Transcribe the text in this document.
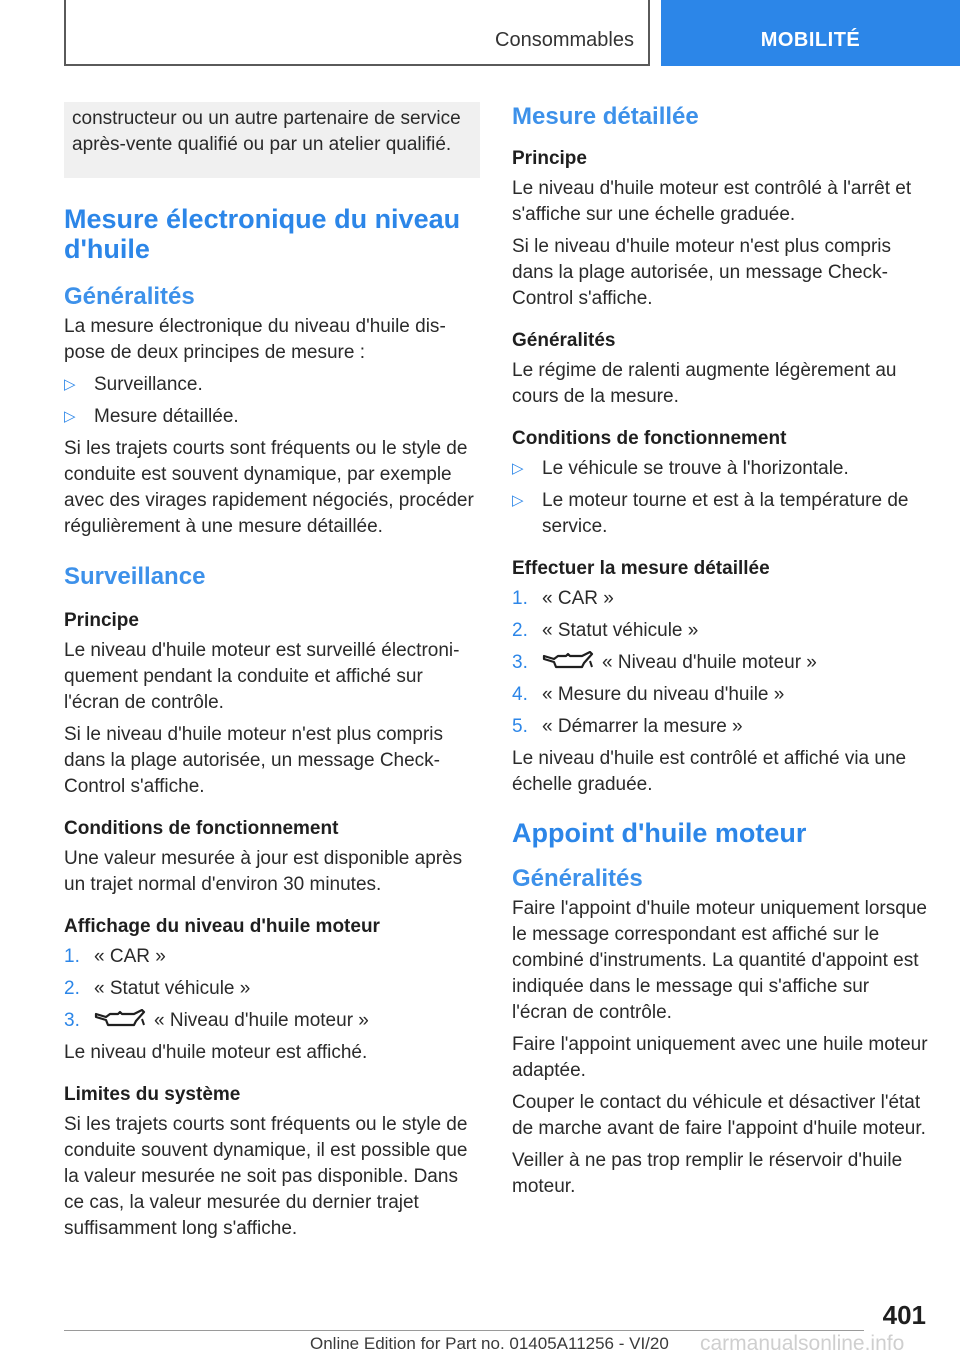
Consommables	MOBILITÉ

constructeur ou un autre partenaire de service après-vente qualifié ou par un atelier qualifié.

Mesure électronique du niveau d'huile
Généralités

La mesure électronique du niveau d'huile dispose de deux principes de mesure :

▷ Surveillance.
▷ Mesure détaillée.

Si les trajets courts sont fréquents ou le style de conduite est souvent dynamique, par exemple avec des virages rapidement négociés, procéder régulièrement à une mesure détaillée.

Surveillance
Principe

Le niveau d'huile moteur est surveillé électroniquement pendant la conduite et affiché sur l'écran de contrôle.

Si le niveau d'huile moteur n'est plus compris dans la plage autorisée, un message Check-Control s'affiche.

Conditions de fonctionnement

Une valeur mesurée à jour est disponible après un trajet normal d'environ 30 minutes.

Affichage du niveau d'huile moteur
1. « CAR »
2. « Statut véhicule »
3.	« Niveau d'huile moteur »

Le niveau d'huile moteur est affiché.

Limites du système

Si les trajets courts sont fréquents ou le style de conduite souvent dynamique, il est possible que la valeur mesurée ne soit pas disponible. Dans ce cas, la valeur mesurée du dernier trajet suffisamment long s'affiche.

Mesure détaillée
Principe

Le niveau d'huile moteur est contrôlé à l'arrêt et s'affiche sur une échelle graduée.

Si le niveau d'huile moteur n'est plus compris dans la plage autorisée, un message Check-Control s'affiche.

Généralités

Le régime de ralenti augmente légèrement au cours de la mesure.

Conditions de fonctionnement
▷ Le véhicule se trouve à l'horizontale.
▷ Le moteur tourne et est à la température de service.
Effectuer la mesure détaillée
1. « CAR »
2. « Statut véhicule »
3.	« Niveau d'huile moteur »
4. « Mesure du niveau d'huile »
5. « Démarrer la mesure »

Le niveau d'huile est contrôlé et affiché via une échelle graduée.

Appoint d'huile moteur
Généralités

Faire l'appoint d'huile moteur uniquement lorsque le message correspondant est affiché sur le combiné d'instruments. La quantité d'appoint est indiquée dans le message qui s'affiche sur l'écran de contrôle.

Faire l'appoint uniquement avec une huile moteur adaptée.

Couper le contact du véhicule et désactiver l'état de marche avant de faire l'appoint d'huile moteur.

Veiller à ne pas trop remplir le réservoir d'huile moteur.

401
carmanualsonline.info
Online Edition for Part no. 01405A11256 - VI/20
